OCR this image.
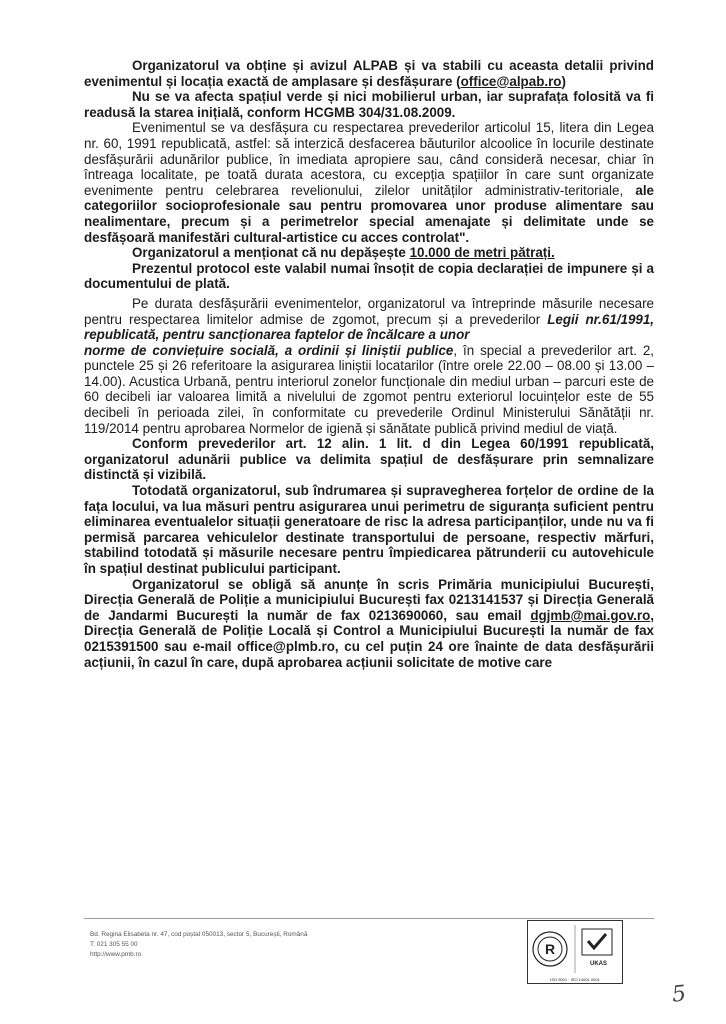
Organizatorul va obține și avizul ALPAB și va stabili cu aceasta detalii privind evenimentul și locația exactă de amplasare și desfășurare (office@alpab.ro)

Nu se va afecta spațiul verde și nici mobilierul urban, iar suprafața folosită va fi readusă la starea inițială, conform HCGMB 304/31.08.2009.

Evenimentul se va desfășura cu respectarea prevederilor articolul 15, litera din Legea nr. 60, 1991 republicată, astfel: să interzică desfacerea băuturilor alcoolice în locurile destinate desfășurării adunărilor publice, în imediata apropiere sau, când consideră necesar, chiar în întreaga localitate, pe toată durata acestora, cu excepția spațiilor în care sunt organizate evenimente pentru celebrarea revelionului, zilelor unităților administrativ-teritoriale, ale categoriilor socioprofesionale sau pentru promovarea unor produse alimentare sau nealimentare, precum și a perimetrelor special amenajate și delimitate unde se desfășoară manifestări cultural-artistice cu acces controlat".

Organizatorul a menționat că nu depășește 10.000 de metri pătrați.

Prezentul protocol este valabil numai însoțit de copia declarației de impunere și a documentului de plată.

Pe durata desfășurării evenimentelor, organizatorul va întreprinde măsurile necesare pentru respectarea limitelor admise de zgomot, precum și a prevederilor Legii nr.61/1991, republicată, pentru sancționarea faptelor de încălcare a unor

norme de conviețuire socială, a ordinii și liniștii publice, în special a prevederilor art. 2, punctele 25 și 26 referitoare la asigurarea liniștii locatarilor (între orele 22.00 – 08.00 și 13.00 – 14.00). Acustica Urbană, pentru interiorul zonelor funcționale din mediul urban – parcuri este de 60 decibeli iar valoarea limită a nivelului de zgomot pentru exteriorul locuințelor este de 55 decibeli în perioada zilei, în conformitate cu prevederile Ordinul Ministerului Sănătății nr. 119/2014 pentru aprobarea Normelor de igienă și sănătate publică privind mediul de viață.

Conform prevederilor art. 12 alin. 1 lit. d din Legea 60/1991 republicată, organizatorul adunării publice va delimita spațiul de desfășurare prin semnalizare distinctă și vizibilă.

Totodată organizatorul, sub îndrumarea și supravegherea forțelor de ordine de la fața locului, va lua măsuri pentru asigurarea unui perimetru de siguranța suficient pentru eliminarea eventualelor situații generatoare de risc la adresa participanților, unde nu va fi permisă parcarea vehiculelor destinate transportului de persoane, respectiv mărfuri, stabilind totodată și măsurile necesare pentru împiedicarea pătrunderii cu autovehicule în spațiul destinat publicului participant.

Organizatorul se obligă să anunțe în scris Primăria municipiului București, Direcția Generală de Poliție a municipiului București fax 0213141537 și Direcția Generală de Jandarmi București la număr de fax 0213690060, sau email dgjmb@mai.gov.ro, Direcția Generală de Poliție Locală și Control a Municipiului București la număr de fax 0215391500 sau e-mail office@plmb.ro, cu cel puțin 24 ore înainte de data desfășurării acțiunii, în cazul în care, după aprobarea acțiunii solicitate de motive care

Bd. Regina Elisabeta nr. 47, cod poștal 050013, sector 5, București, Română
T: 021 305 55 00
http://www.pmb.ro	R
UKAS
ISO 9001 · ISO 14001 0001
5
